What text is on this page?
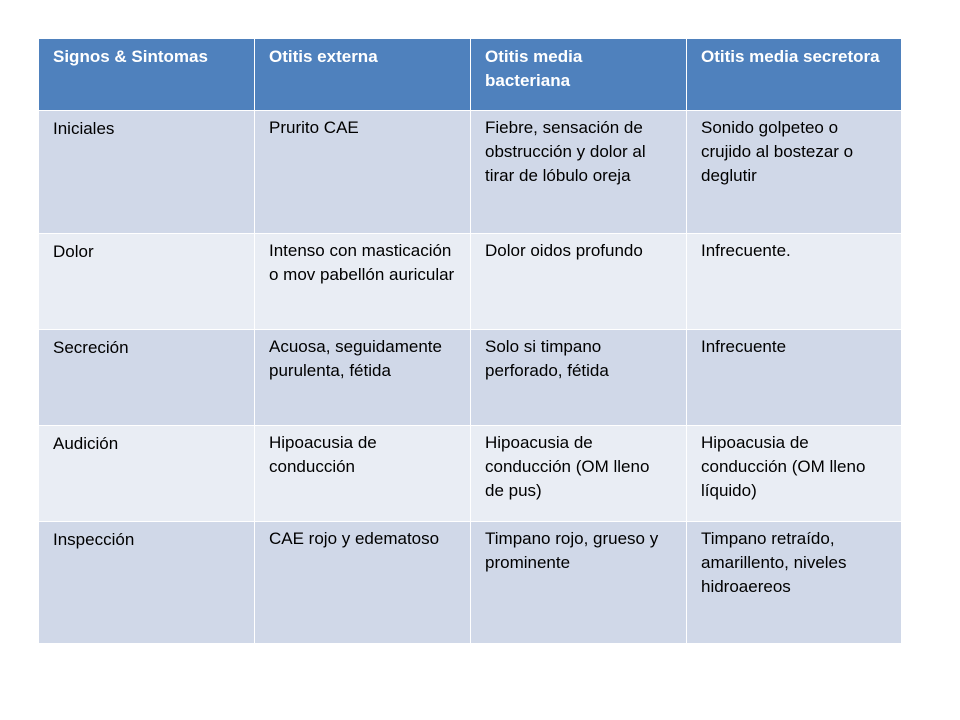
Signos & Sintomas	Otitis externa	Otitis media bacteriana	Otitis media secretora
Iniciales	Prurito CAE	Fiebre, sensación de obstrucción y dolor al tirar de lóbulo oreja	Sonido golpeteo o crujido al bostezar o deglutir
Dolor	Intenso con masticación o mov pabellón auricular	Dolor oidos profundo	Infrecuente.
Secreción	Acuosa, seguidamente purulenta, fétida	Solo si timpano perforado, fétida	Infrecuente
Audición	Hipoacusia de conducción	Hipoacusia de conducción (OM lleno de pus)	Hipoacusia de conducción (OM lleno líquido)
Inspección	CAE rojo y edematoso	Timpano rojo, grueso y prominente	Timpano retraído, amarillento, niveles hidroaereos
